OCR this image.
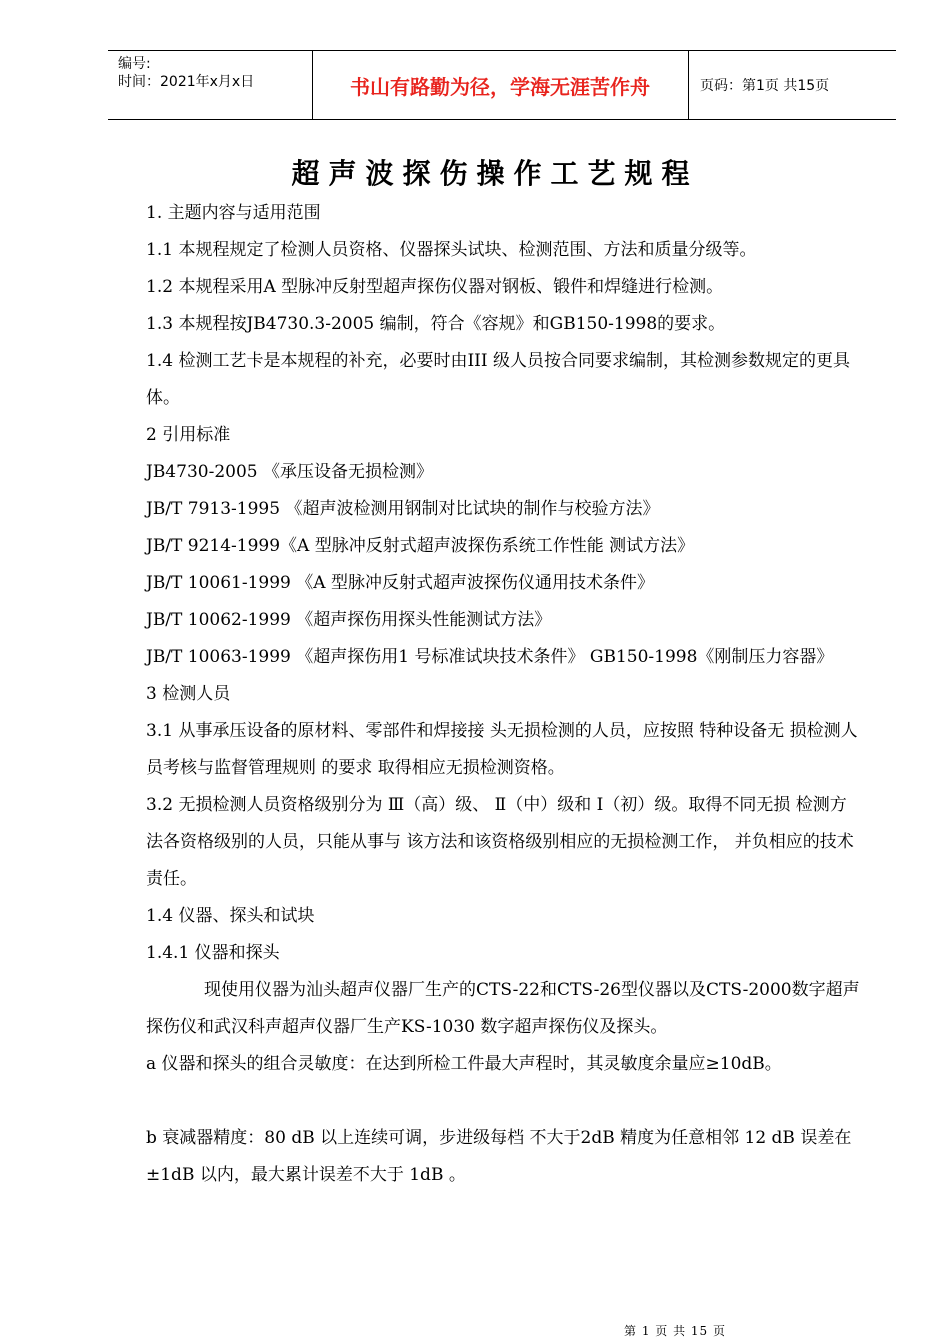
编号:
时间：2021年x月x日	书山有路勤为径，学海无涯苦作舟	页码：第1页 共15页
超声波探伤操作工艺规程

1. 主题内容与适用范围

1.1 本规程规定了检测人员资格、仪器探头试块、检测范围、方法和质量分级等。

1.2 本规程采用A 型脉冲反射型超声探伤仪器对钢板、锻件和焊缝进行检测。

1.3 本规程按JB4730.3-2005 编制，符合《容规》和GB150-1998的要求。

1.4 检测工艺卡是本规程的补充，必要时由III 级人员按合同要求编制，其检测参数规定的更具体。

2 引用标准

JB4730-2005 《承压设备无损检测》

JB/T 7913-1995 《超声波检测用钢制对比试块的制作与校验方法》

JB/T 9214-1999《A 型脉冲反射式超声波探伤系统工作性能 测试方法》

JB/T 10061-1999 《A 型脉冲反射式超声波探伤仪通用技术条件》

JB/T 10062-1999 《超声探伤用探头性能测试方法》

JB/T 10063-1999 《超声探伤用1 号标准试块技术条件》 GB150-1998《刚制压力容器》

3 检测人员

3.1 从事承压设备的原材料、零部件和焊接接 头无损检测的人员，应按照 特种设备无 损检测人员考核与监督管理规则 的要求 取得相应无损检测资格。

3.2 无损检测人员资格级别分为 Ⅲ（高）级、 Ⅱ（中）级和 Ⅰ（初）级。取得不同无损 检测方法各资格级别的人员，只能从事与 该方法和该资格级别相应的无损检测工作， 并负相应的技术责任。

1.4 仪器、探头和试块

1.4.1 仪器和探头

现使用仪器为汕头超声仪器厂生产的CTS-22和CTS-26型仪器以及CTS-2000数字超声探伤仪和武汉科声超声仪器厂生产KS-1030 数字超声探伤仪及探头。

a 仪器和探头的组合灵敏度：在达到所检工件最大声程时，其灵敏度余量应≥10dB。

b 衰减器精度：80 dB 以上连续可调，步进级每档 不大于2dB 精度为任意相邻 12 dB 误差在±1dB 以内，最大累计误差不大于 1dB 。

第 1 页 共 15 页
